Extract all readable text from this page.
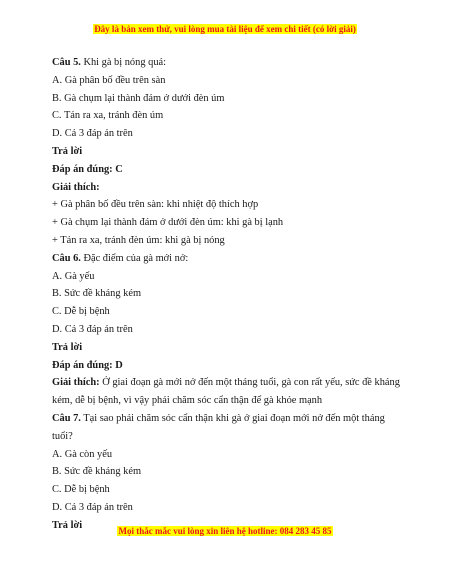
Đây là bản xem thử, vui lòng mua tài liệu để xem chi tiết (có lời giải)

Câu 5. Khi gà bị nóng quá:

A. Gà phân bố đều trên sàn

B. Gà chụm lại thành đám ở dưới đèn úm

C. Tản ra xa, tránh đèn úm

D. Cả 3 đáp án trên

Trả lời

Đáp án đúng: C

Giải thích:

+ Gà phân bố đều trên sàn: khi nhiệt độ thích hợp

+ Gà chụm lại thành đám ở dưới đèn úm: khi gà bị lạnh

+ Tản ra xa, tránh đèn úm: khi gà bị nóng

Câu 6. Đặc điểm của gà mới nở:

A. Gà yếu

B. Sức đề kháng kém

C. Dễ bị bệnh

D. Cả 3 đáp án trên

Trả lời

Đáp án đúng: D

Giải thích: Ở giai đoạn gà mới nở đến một tháng tuổi, gà con rất yếu, sức đề kháng kém, dễ bị bệnh, vì vậy phải chăm sóc cẩn thận để gà khỏe mạnh

Câu 7. Tại sao phải chăm sóc cẩn thận khi gà ở giai đoạn mới nở đến một tháng tuổi?

A. Gà còn yếu

B. Sức đề kháng kém

C. Dễ bị bệnh

D. Cả 3 đáp án trên

Trả lời

Mọi thắc mắc vui lòng xin liên hệ hotline: 084 283 45 85
